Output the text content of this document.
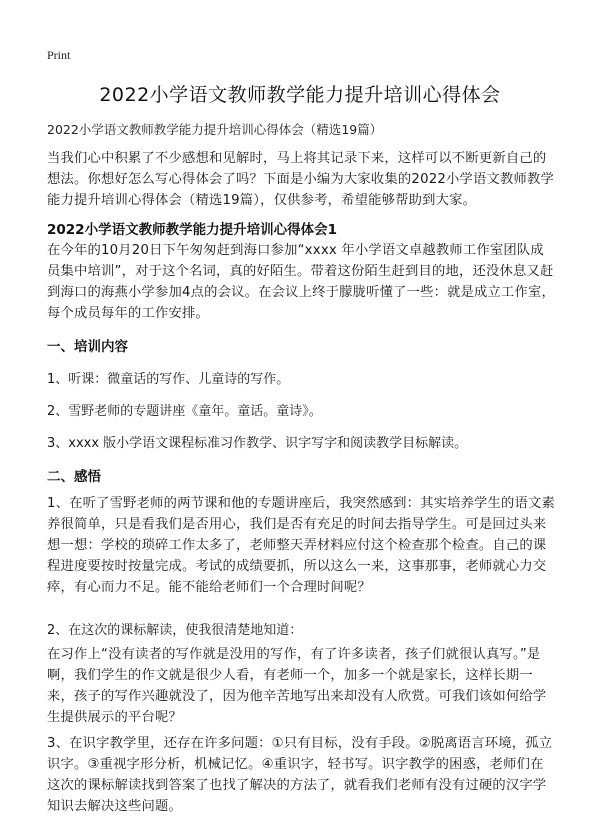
Print
2022小学语文教师教学能力提升培训心得体会
2022小学语文教师教学能力提升培训心得体会（精选19篇）
当我们心中积累了不少感想和见解时，马上将其记录下来，这样可以不断更新自己的想法。你想好怎么写心得体会了吗？下面是小编为大家收集的2022小学语文教师教学能力提升培训心得体会（精选19篇），仅供参考，希望能够帮助到大家。
2022小学语文教师教学能力提升培训心得体会1
在今年的10月20日下午匆匆赶到海口参加“xxxx 年小学语文卓越教师工作室团队成员集中培训”，对于这个名词，真的好陌生。带着这份陌生赶到目的地，还没休息又赶到海口的海燕小学参加4点的会议。在会议上终于朦胧听懂了一些：就是成立工作室，每个成员每年的工作安排。
一、培训内容
1、听课：微童话的写作、儿童诗的写作。
2、雪野老师的专题讲座《童年。童话。童诗》。
3、xxxx 版小学语文课程标准习作教学、识字写字和阅读教学目标解读。
二、感悟
1、在听了雪野老师的两节课和他的专题讲座后，我突然感到：其实培养学生的语文素养很简单，只是看我们是否用心，我们是否有充足的时间去指导学生。可是回过头来想一想：学校的琐碎工作太多了，老师整天弄材料应付这个检查那个检查。自己的课程进度要按时按量完成。考试的成绩要抓，所以这么一来，这事那事，老师就心力交瘁，有心而力不足。能不能给老师们一个合理时间呢？
2、在这次的课标解读，使我很清楚地知道：
在习作上“没有读者的写作就是没用的写作，有了许多读者，孩子们就很认真写。”是啊，我们学生的作文就是很少人看，有老师一个，加多一个就是家长，这样长期一来，孩子的写作兴趣就没了，因为他辛苦地写出来却没有人欣赏。可我们该如何给学生提供展示的平台呢？
3、在识字教学里，还存在许多问题：①只有目标，没有手段。②脱离语言环境，孤立识字。③重视字形分析，机械记忆。④重识字，轻书写。识字教学的困惑，老师们在这次的课标解读找到答案了也找了解决的方法了，就看我们老师有没有过硬的汉字学知识去解决这些问题。
